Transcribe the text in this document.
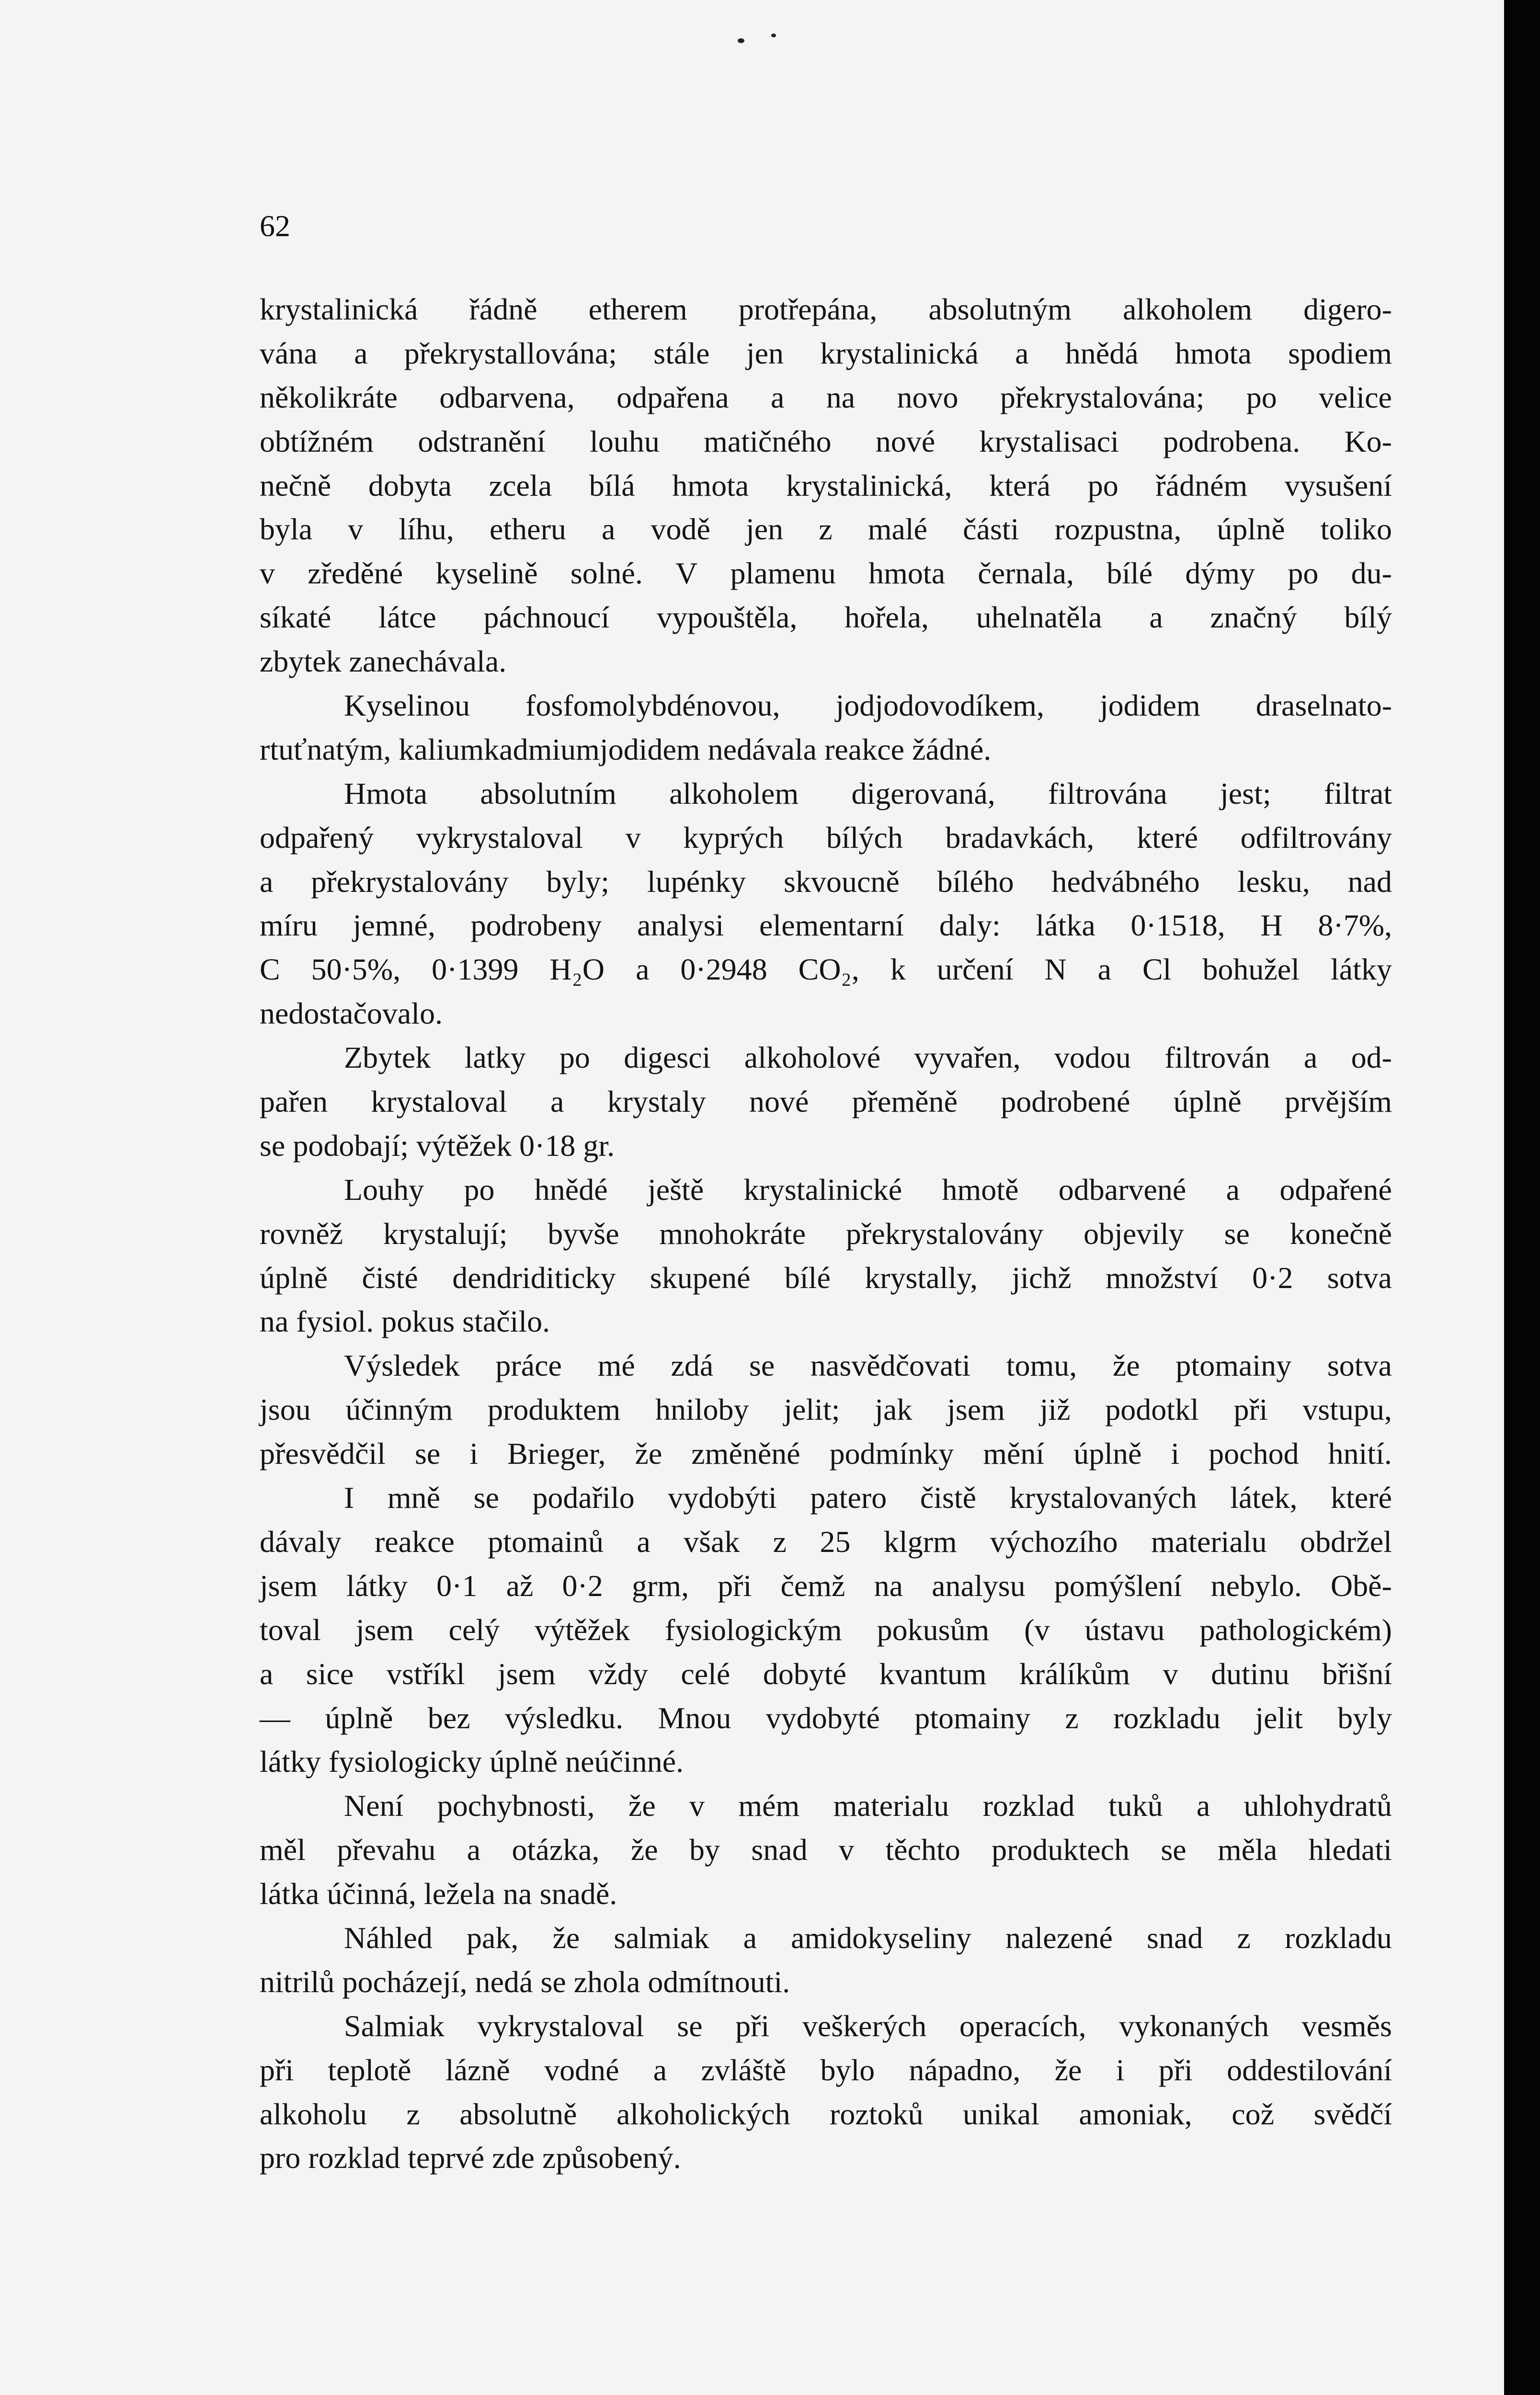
62
krystalinická řádně etherem protřepána, absolutným alkoholem digero-
vána a překrystallována; stále jen krystalinická a hnědá hmota spodiem
několikráte odbarvena, odpařena a na novo překrystalována; po velice
obtížném odstranění louhu matičného nové krystalisaci podrobena. Ko-
nečně dobyta zcela bílá hmota krystalinická, která po řádném vysušení
byla v líhu, etheru a vodě jen z malé části rozpustna, úplně toliko
v zředěné kyselině solné. V plamenu hmota černala, bílé dýmy po du-
síkaté látce páchnoucí vypouštěla, hořela, uhelnatěla a značný bílý
zbytek zanechávala.
Kyselinou fosfomolybdénovou, jodjodovodíkem, jodidem draselnato-
rtuťnatým, kaliumkadmiumjodidem nedávala reakce žádné.
Hmota absolutním alkoholem digerovaná, filtrována jest; filtrat
odpařený vykrystaloval v kyprých bílých bradavkách, které odfiltrovány
a překrystalovány byly; lupénky skvoucně bílého hedvábného lesku, nad
míru jemné, podrobeny analysi elementarní daly: látka 0·1518, H 8·7%,
C 50·5%, 0·1399 H₂O a 0·2948 CO₂, k určení N a Cl bohužel látky
nedostačovalo.
Zbytek latky po digesci alkoholové vyvařen, vodou filtrován a od-
pařen krystaloval a krystaly nové přeměně podrobené úplně prvějším
se podobají; výtěžek 0·18 gr.
Louhy po hnědé ještě krystalinické hmotě odbarvené a odpařené
rovněž krystalují; byvše mnohokráte překrystalovány objevily se konečně
úplně čisté dendriditicky skupené bílé krystally, jichž množství 0·2 sotva
na fysiol. pokus stačilo.
Výsledek práce mé zdá se nasvědčovati tomu, že ptomainy sotva
jsou účinným produktem hniloby jelit; jak jsem již podotkl při vstupu,
přesvědčil se i Brieger, že změněné podmínky mění úplně i pochod hnití.
I mně se podařilo vydobýti patero čistě krystalovaných látek, které
dávaly reakce ptomainů a však z 25 klgrm výchozího materialu obdržel
jsem látky 0·1 až 0·2 grm, při čemž na analysu pomýšlení nebylo. Obě-
toval jsem celý výtěžek fysiologickým pokusům (v ústavu pathologickém)
a sice vstříkl jsem vždy celé dobyté kvantum králíkům v dutinu břišní
— úplně bez výsledku. Mnou vydobyté ptomainy z rozkladu jelit byly
látky fysiologicky úplně neúčinné.
Není pochybnosti, že v mém materialu rozklad tuků a uhlohydratů
měl převahu a otázka, že by snad v těchto produktech se měla hledati
látka účinná, ležela na snadě.
Náhled pak, že salmiak a amidokyseliny nalezené snad z rozkladu
nitrilů pocházejí, nedá se zhola odmítnouti.
Salmiak vykrystaloval se při veškerých operacích, vykonaných vesměs
při teplotě lázně vodné a zvláště bylo nápadno, že i při oddestilování
alkoholu z absolutně alkoholických roztoků unikal amoniak, což svědčí
pro rozklad teprvé zde způsobený.
